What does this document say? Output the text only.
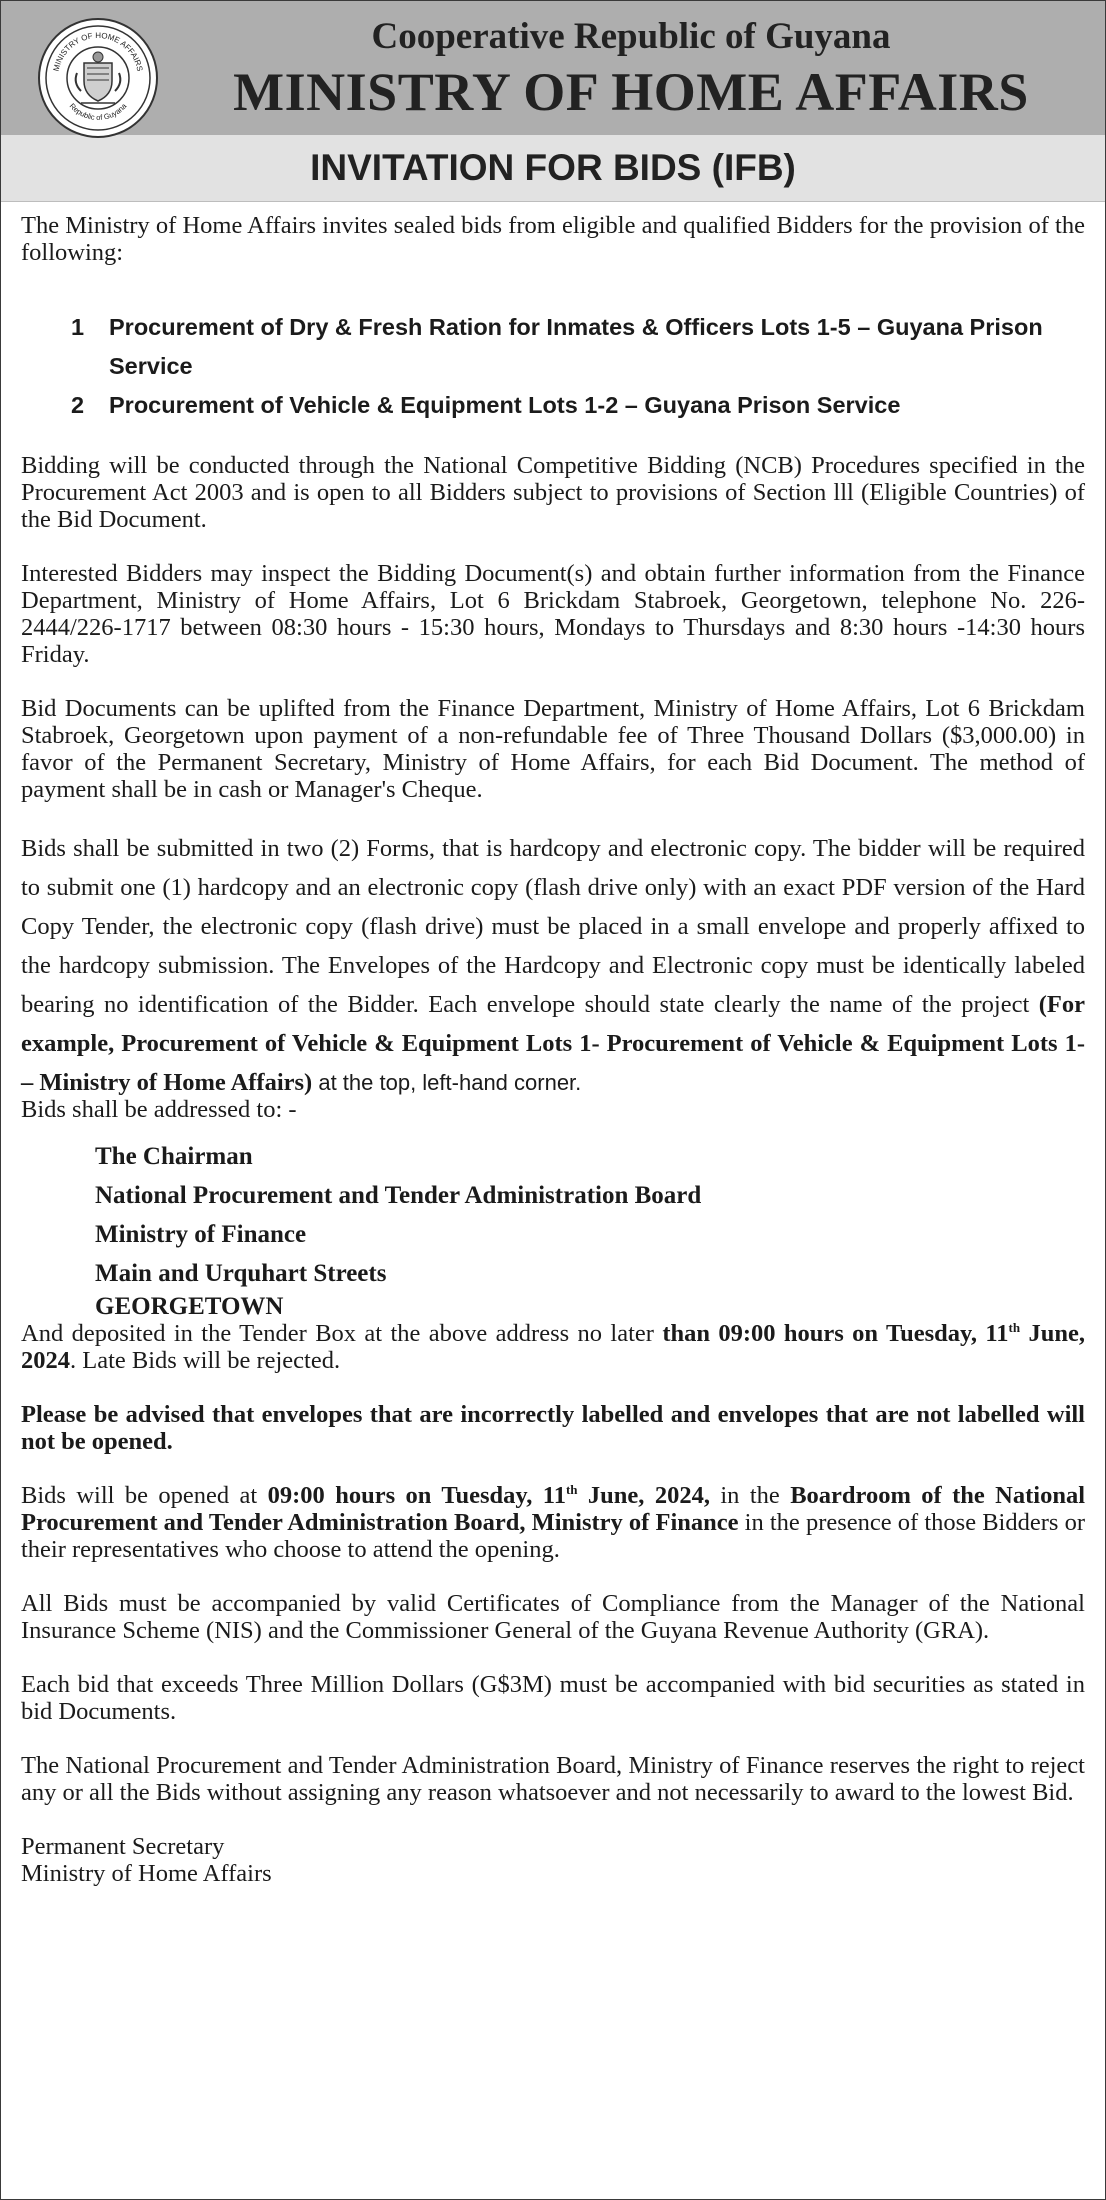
MINISTRY OF HOME AFFAIRS
Republic of Guyana
Cooperative Republic of Guyana
MINISTRY OF HOME AFFAIRS
INVITATION FOR BIDS (IFB)

The Ministry of Home Affairs invites sealed bids from eligible and qualified Bidders for the provision of the following:

1 Procurement of Dry & Fresh Ration for Inmates & Officers Lots 1-5 – Guyana Prison Service
2 Procurement of Vehicle & Equipment Lots 1-2 – Guyana Prison Service

Bidding will be conducted through the National Competitive Bidding (NCB) Procedures specified in the Procurement Act 2003 and is open to all Bidders subject to provisions of Section lll (Eligible Countries) of the Bid Document.

Interested Bidders may inspect the Bidding Document(s) and obtain further information from the Finance Department, Ministry of Home Affairs, Lot 6 Brickdam Stabroek, Georgetown, telephone No. 226-2444/226-1717 between 08:30 hours - 15:30 hours, Mondays to Thursdays and 8:30 hours -14:30 hours Friday.

Bid Documents can be uplifted from the Finance Department, Ministry of Home Affairs, Lot 6 Brickdam Stabroek, Georgetown upon payment of a non-refundable fee of Three Thousand Dollars ($3,000.00) in favor of the Permanent Secretary, Ministry of Home Affairs, for each Bid Document. The method of payment shall be in cash or Manager's Cheque.

Bids shall be submitted in two (2) Forms, that is hardcopy and electronic copy. The bidder will be required to submit one (1) hardcopy and an electronic copy (flash drive only) with an exact PDF version of the Hard Copy Tender, the electronic copy (flash drive) must be placed in a small envelope and properly affixed to the hardcopy submission. The Envelopes of the Hardcopy and Electronic copy must be identically labeled bearing no identification of the Bidder. Each envelope should state clearly the name of the project (For example, Procurement of Vehicle & Equipment Lots 1- Procurement of Vehicle & Equipment Lots 1- – Ministry of Home Affairs) at the top, left-hand corner.

Bids shall be addressed to: -

The Chairman
National Procurement and Tender Administration Board
Ministry of Finance
Main and Urquhart Streets
GEORGETOWN

And deposited in the Tender Box at the above address no later than 09:00 hours on Tuesday, 11th June, 2024. Late Bids will be rejected.

Please be advised that envelopes that are incorrectly labelled and envelopes that are not labelled will not be opened.

Bids will be opened at 09:00 hours on Tuesday, 11th June, 2024, in the Boardroom of the National Procurement and Tender Administration Board, Ministry of Finance in the presence of those Bidders or their representatives who choose to attend the opening.

All Bids must be accompanied by valid Certificates of Compliance from the Manager of the National Insurance Scheme (NIS) and the Commissioner General of the Guyana Revenue Authority (GRA).

Each bid that exceeds Three Million Dollars (G$3M) must be accompanied with bid securities as stated in bid Documents.

The National Procurement and Tender Administration Board, Ministry of Finance reserves the right to reject any or all the Bids without assigning any reason whatsoever and not necessarily to award to the lowest Bid.

Permanent Secretary

Ministry of Home Affairs
